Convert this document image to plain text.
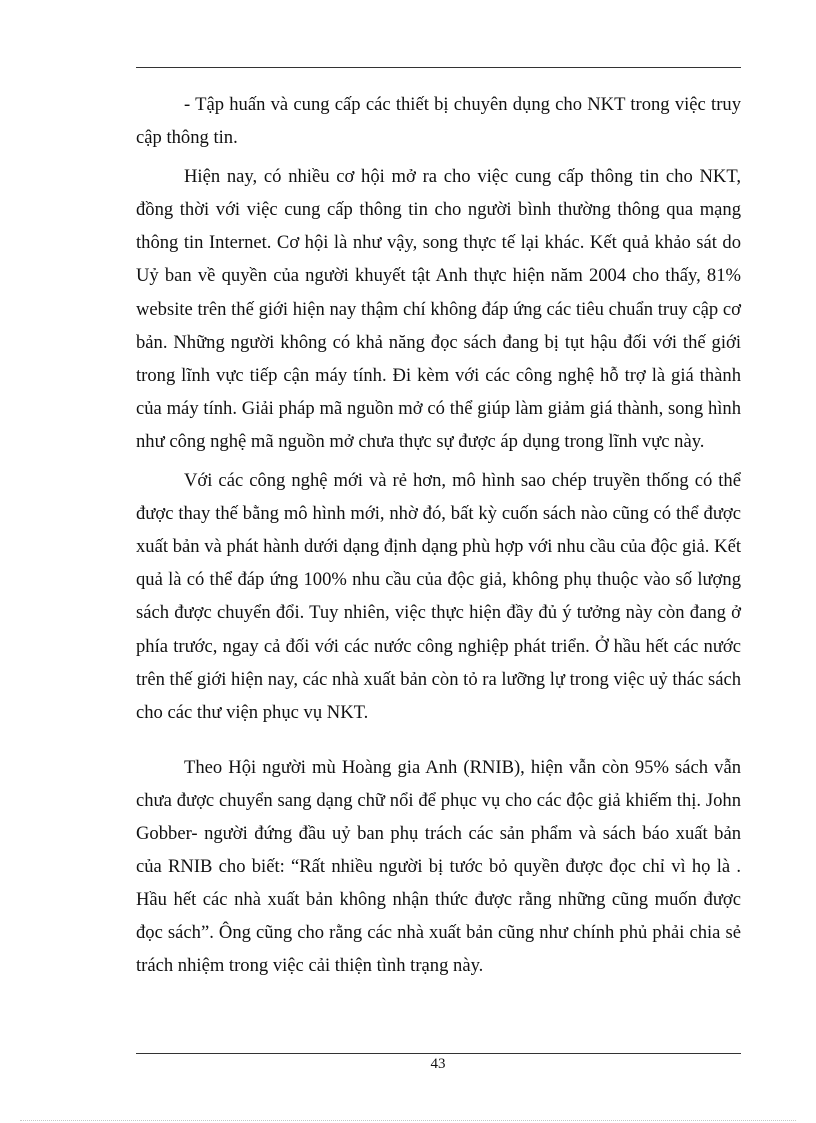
- Tập huấn và cung cấp các thiết bị chuyên dụng cho NKT trong việc truy cập thông tin.

Hiện nay, có nhiều cơ hội mở ra cho việc cung cấp thông tin cho NKT, đồng thời với việc cung cấp thông tin cho người bình thường thông qua mạng thông tin Internet. Cơ hội là như vậy, song thực tế lại khác. Kết quả khảo sát do Uỷ ban về quyền của người khuyết tật Anh thực hiện năm 2004 cho thấy, 81% website trên thế giới hiện nay thậm chí không đáp ứng các tiêu chuẩn truy cập cơ bản. Những người không có khả năng đọc sách đang bị tụt hậu đối với thế giới trong lĩnh vực tiếp cận máy tính. Đi kèm với các công nghệ hỗ trợ là giá thành của máy tính. Giải pháp mã nguồn mở có thể giúp làm giảm giá thành, song hình như công nghệ mã nguồn mở chưa thực sự được áp dụng trong lĩnh vực này.

Với các công nghệ mới và rẻ hơn, mô hình sao chép truyền thống có thể được thay thế bằng mô hình mới, nhờ đó, bất kỳ cuốn sách nào cũng có thể được xuất bản và phát hành dưới dạng định dạng phù hợp với nhu cầu của độc giả. Kết quả là có thể đáp ứng 100% nhu cầu của độc giả, không phụ thuộc vào số lượng sách được chuyển đổi. Tuy nhiên, việc thực hiện đầy đủ ý tưởng này còn đang ở phía trước, ngay cả đối với các nước công nghiệp phát triển. Ở hầu hết các nước trên thế giới hiện nay, các nhà xuất bản còn tỏ ra lưỡng lự trong việc uỷ thác sách cho các thư viện phục vụ NKT.

Theo Hội người mù Hoàng gia Anh (RNIB), hiện vẫn còn 95% sách vẫn chưa được chuyển sang dạng chữ nổi để phục vụ cho các độc giả khiếm thị. John Gobber- người đứng đầu uỷ ban phụ trách các sản phẩm và sách báo xuất bản của RNIB cho biết: “Rất nhiều người bị tước bỏ quyền được đọc chỉ vì họ là . Hầu hết các nhà xuất bản không nhận thức được rằng những cũng muốn được đọc sách”. Ông cũng cho rằng các nhà xuất bản cũng như chính phủ phải chia sẻ trách nhiệm trong việc cải thiện tình trạng này.

43
